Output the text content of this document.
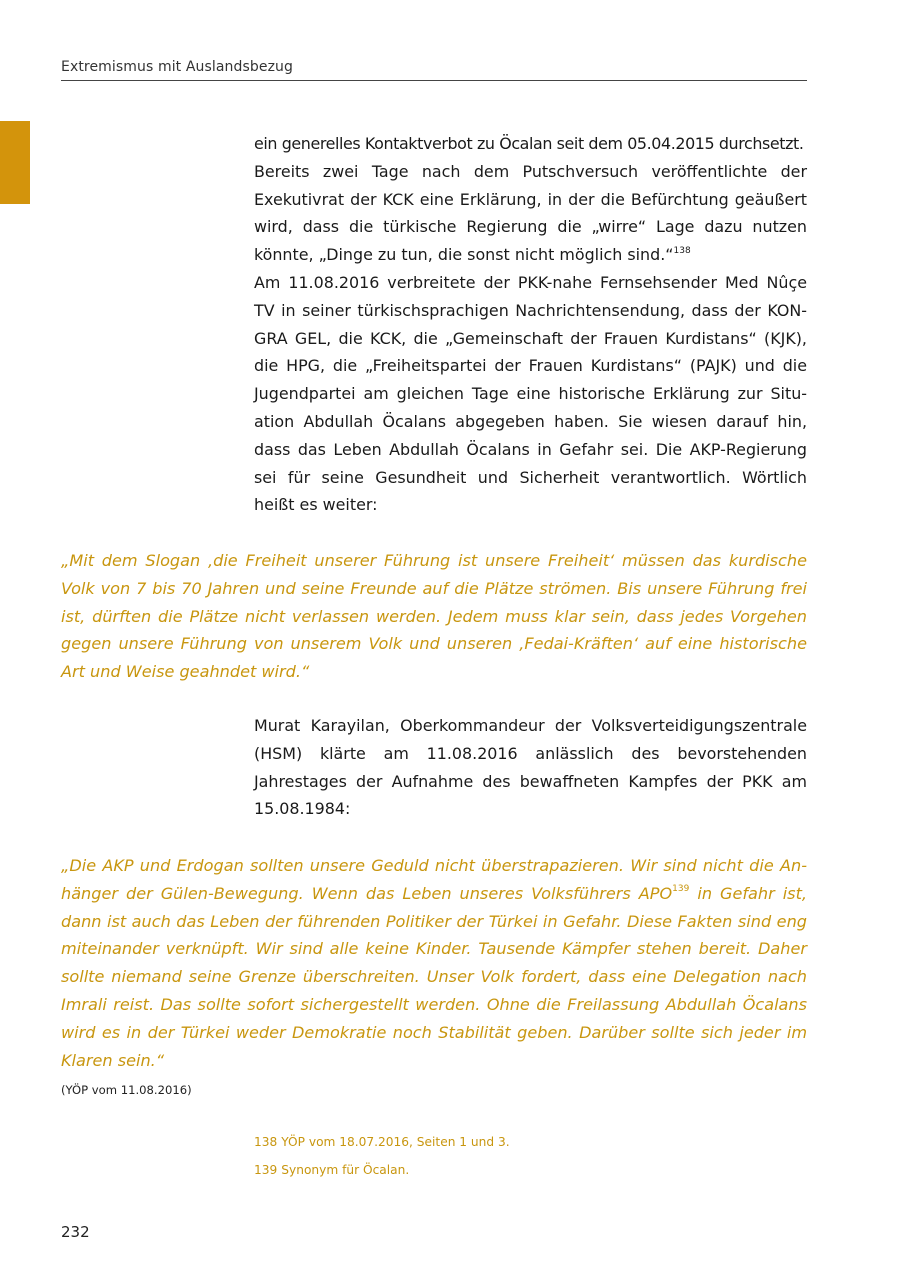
Extremismus mit Auslandsbezug

ein generelles Kontaktverbot zu Öcalan seit dem 05.04.2015 durchsetzt.

Bereits zwei Tage nach dem Putschversuch veröffentlichte der Exekutivrat der KCK eine Erklärung, in der die Befürchtung geäußert wird, dass die türkische Regierung die „wirre“ Lage dazu nutzen könnte, „Dinge zu tun, die sonst nicht möglich sind.“$^{138}$

Am 11.08.2016 verbreitete der PKK-nahe Fernsehsender Med Nûçe TV in seiner türkischsprachigen Nachrichtensendung, dass der KONGRA GEL, die KCK, die „Gemeinschaft der Frauen Kurdistans“ (KJK), die HPG, die „Freiheitspartei der Frauen Kurdistans“ (PAJK) und die Jugendpartei am gleichen Tage eine historische Erklärung zur Situation Abdullah Öcalans abgegeben haben. Sie wiesen darauf hin, dass das Leben Abdullah Öcalans in Gefahr sei. Die AKP-Regierung sei für seine Gesundheit und Sicherheit verantwortlich. Wörtlich heißt es weiter:

„Mit dem Slogan ‚die Freiheit unserer Führung ist unsere Freiheit‘ müssen das kurdische Volk von 7 bis 70 Jahren und seine Freunde auf die Plätze strömen. Bis unsere Führung frei ist, dürften die Plätze nicht verlassen werden. Jedem muss klar sein, dass jedes Vorgehen gegen unsere Führung von unserem Volk und unseren ‚Fedai-Kräften‘ auf eine historische Art und Weise geahndet wird.“

Murat Karayilan, Oberkommandeur der Volksverteidigungszentrale (HSM) klärte am 11.08.2016 anlässlich des bevorstehenden Jahrestages der Aufnahme des bewaffneten Kampfes der PKK am 15.08.1984:

„Die AKP und Erdogan sollten unsere Geduld nicht überstrapazieren. Wir sind nicht die Anhänger der Gülen-Bewegung. Wenn das Leben unseres Volksführers APO$^{139}$ in Gefahr ist, dann ist auch das Leben der führenden Politiker der Türkei in Gefahr. Diese Fakten sind eng miteinander verknüpft. Wir sind alle keine Kinder. Tausende Kämpfer stehen bereit. Daher sollte niemand seine Grenze überschreiten. Unser Volk fordert, dass eine Delegation nach Imrali reist. Das sollte sofort sichergestellt werden. Ohne die Freilassung Abdullah Öcalans wird es in der Türkei weder Demokratie noch Stabilität geben. Darüber sollte sich jeder im Klaren sein.“

(YÖP vom 11.08.2016)

138 YÖP vom 18.07.2016, Seiten 1 und 3.

139 Synonym für Öcalan.

232
